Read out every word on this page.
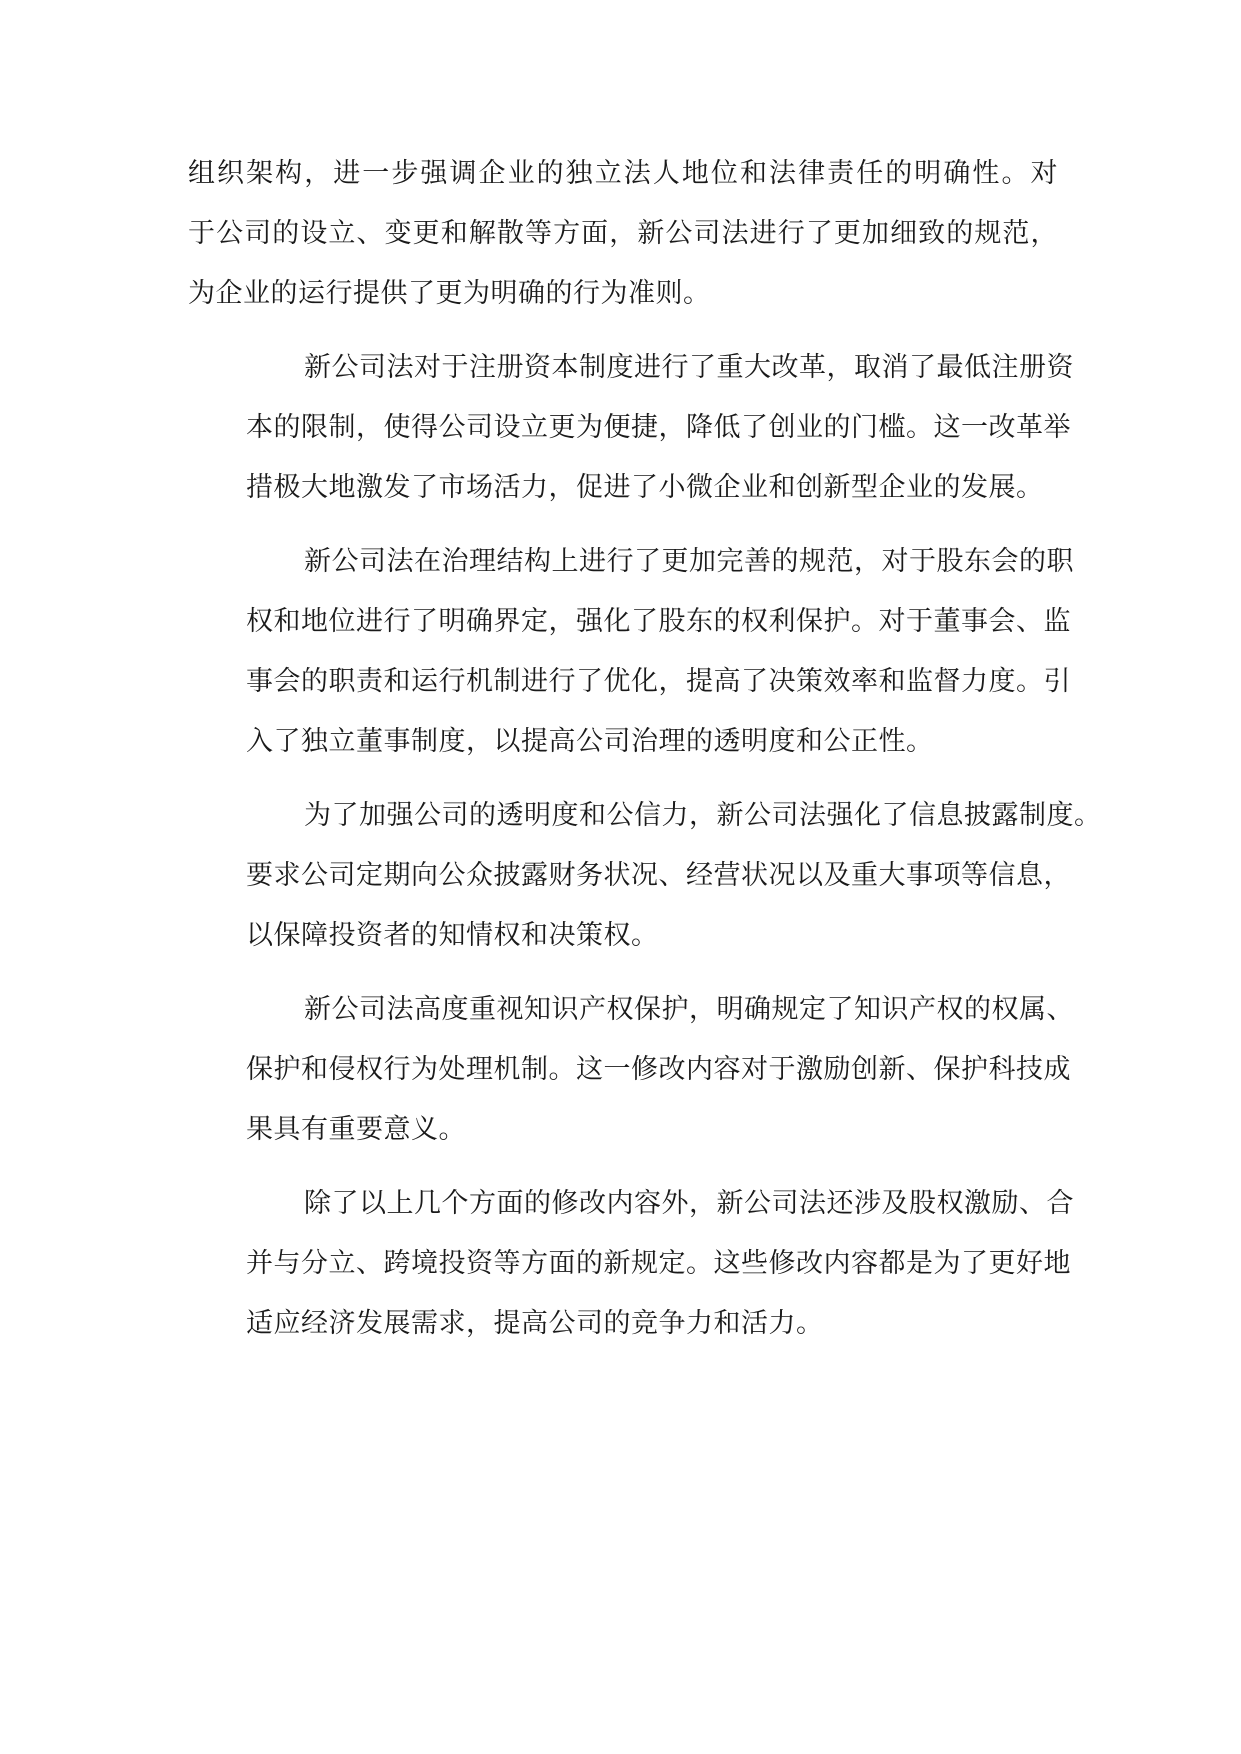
组织架构，进一步强调企业的独立法人地位和法律责任的明确性。对
于公司的设立、变更和解散等方面，新公司法进行了更加细致的规范，
为企业的运行提供了更为明确的行为准则。
新公司法对于注册资本制度进行了重大改革，取消了最低注册资
本的限制，使得公司设立更为便捷，降低了创业的门槛。这一改革举
措极大地激发了市场活力，促进了小微企业和创新型企业的发展。
新公司法在治理结构上进行了更加完善的规范，对于股东会的职
权和地位进行了明确界定，强化了股东的权利保护。对于董事会、监
事会的职责和运行机制进行了优化，提高了决策效率和监督力度。引
入了独立董事制度，以提高公司治理的透明度和公正性。
为了加强公司的透明度和公信力，新公司法强化了信息披露制度。
要求公司定期向公众披露财务状况、经营状况以及重大事项等信息，
以保障投资者的知情权和决策权。
新公司法高度重视知识产权保护，明确规定了知识产权的权属、
保护和侵权行为处理机制。这一修改内容对于激励创新、保护科技成
果具有重要意义。
除了以上几个方面的修改内容外，新公司法还涉及股权激励、合
并与分立、跨境投资等方面的新规定。这些修改内容都是为了更好地
适应经济发展需求，提高公司的竞争力和活力。
